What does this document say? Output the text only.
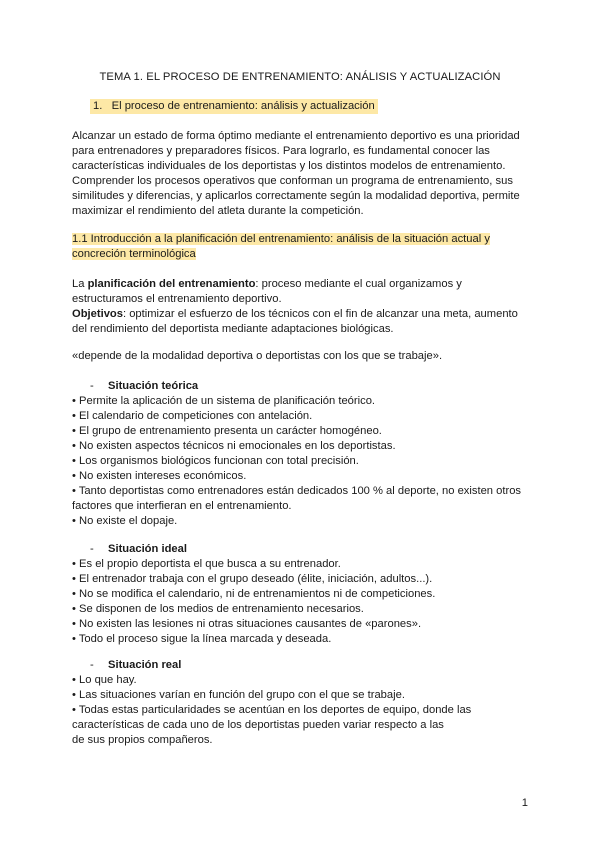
TEMA 1. EL PROCESO DE ENTRENAMIENTO: ANÁLISIS Y ACTUALIZACIÓN
1.   El proceso de entrenamiento: análisis y actualización
Alcanzar un estado de forma óptimo mediante el entrenamiento deportivo es una prioridad para entrenadores y preparadores físicos. Para lograrlo, es fundamental conocer las características individuales de los deportistas y los distintos modelos de entrenamiento. Comprender los procesos operativos que conforman un programa de entrenamiento, sus similitudes y diferencias, y aplicarlos correctamente según la modalidad deportiva, permite maximizar el rendimiento del atleta durante la competición.
1.1 Introducción a la planificación del entrenamiento: análisis de la situación actual y concreción terminológica
La planificación del entrenamiento: proceso mediante el cual organizamos y estructuramos el entrenamiento deportivo.
Objetivos: optimizar el esfuerzo de los técnicos con el fin de alcanzar una meta, aumento del rendimiento del deportista mediante adaptaciones biológicas.
«depende de la modalidad deportiva o deportistas con los que se trabaje».
- Situación teórica
• Permite la aplicación de un sistema de planificación teórico.
• El calendario de competiciones con antelación.
• El grupo de entrenamiento presenta un carácter homogéneo.
• No existen aspectos técnicos ni emocionales en los deportistas.
• Los organismos biológicos funcionan con total precisión.
• No existen intereses económicos.
• Tanto deportistas como entrenadores están dedicados 100 % al deporte, no existen otros factores que interfieran en el entrenamiento.
• No existe el dopaje.
- Situación ideal
• Es el propio deportista el que busca a su entrenador.
• El entrenador trabaja con el grupo deseado (élite, iniciación, adultos...).
• No se modifica el calendario, ni de entrenamientos ni de competiciones.
• Se disponen de los medios de entrenamiento necesarios.
• No existen las lesiones ni otras situaciones causantes de «parones».
• Todo el proceso sigue la línea marcada y deseada.
- Situación real
• Lo que hay.
• Las situaciones varían en función del grupo con el que se trabaje.
• Todas estas particularidades se acentúan en los deportes de equipo, donde las
características de cada uno de los deportistas pueden variar respecto a las
de sus propios compañeros.
1
